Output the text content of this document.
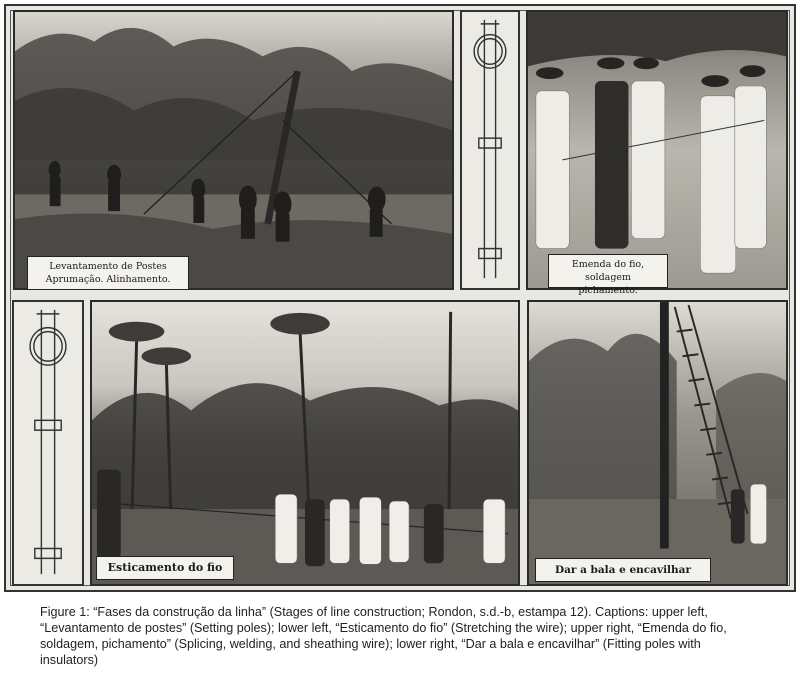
Levantamento de Postes
Aprumação. Alinhamento.
Emenda do fio, soldagem
pichamento.
Esticamento do fio	Dar a bala e encavilhar

Figure 1: “Fases da construção da linha” (Stages of line construction; Rondon, s.d.-b, estampa 12). Captions: upper left, “Levantamento de postes” (Setting poles); lower left, “Esticamento do fio” (Stretching the wire); upper right, “Emenda do fio, soldagem, pichamento” (Splicing, welding, and sheathing wire); lower right, “Dar a bala e encavilhar” (Fitting poles with insulators)
